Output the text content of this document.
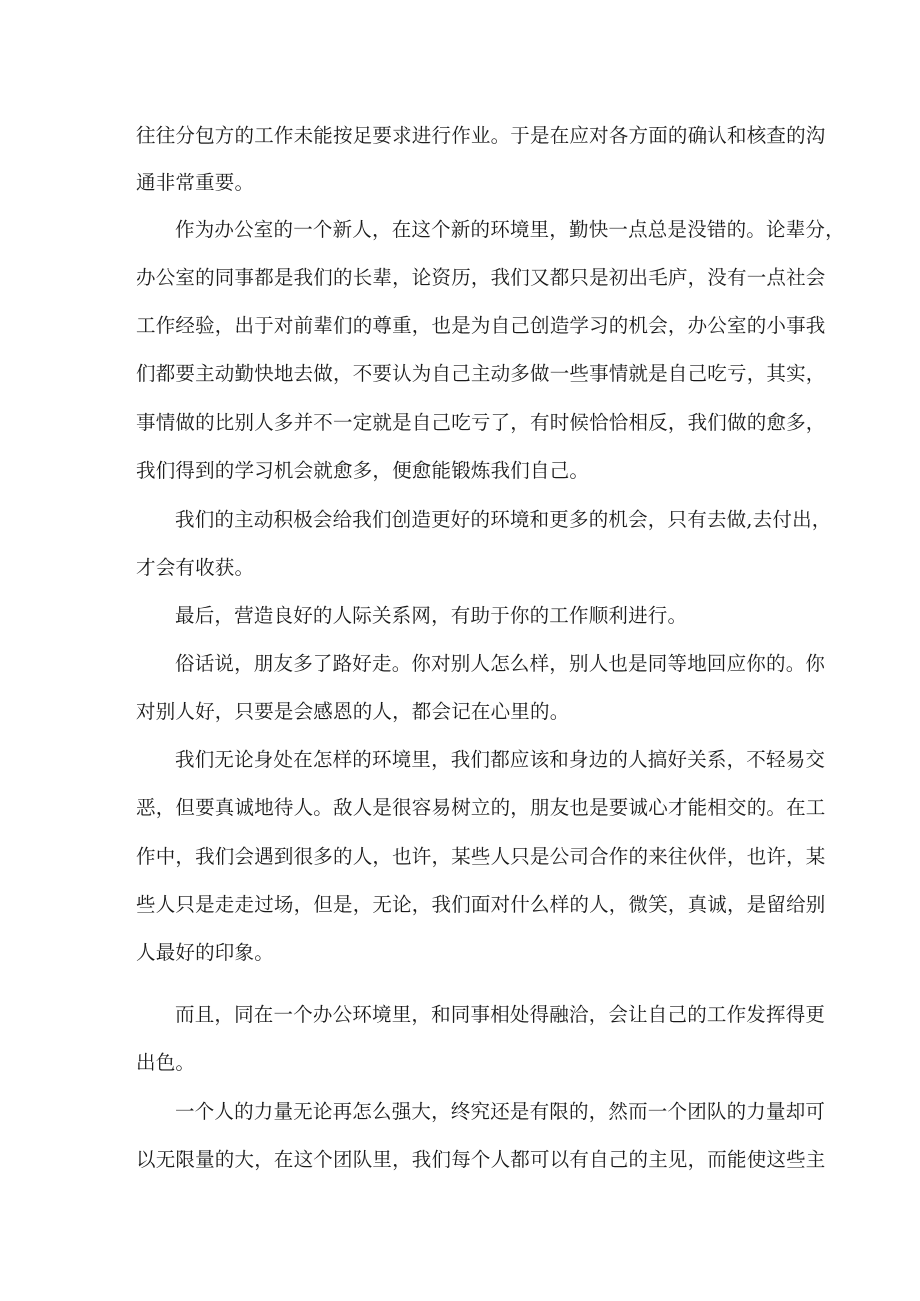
往往分包方的工作未能按足要求进行作业。于是在应对各方面的确认和核查的沟
通非常重要。
作为办公室的一个新人，在这个新的环境里，勤快一点总是没错的。论辈分，
办公室的同事都是我们的长辈，论资历，我们又都只是初出毛庐，没有一点社会
工作经验，出于对前辈们的尊重，也是为自己创造学习的机会，办公室的小事我
们都要主动勤快地去做，不要认为自己主动多做一些事情就是自己吃亏，其实，
事情做的比别人多并不一定就是自己吃亏了，有时候恰恰相反，我们做的愈多，
我们得到的学习机会就愈多，便愈能锻炼我们自己。
我们的主动积极会给我们创造更好的环境和更多的机会，只有去做,去付出，
才会有收获。
最后，营造良好的人际关系网，有助于你的工作顺利进行。
俗话说，朋友多了路好走。你对别人怎么样，别人也是同等地回应你的。你
对别人好，只要是会感恩的人，都会记在心里的。
我们无论身处在怎样的环境里，我们都应该和身边的人搞好关系，不轻易交
恶，但要真诚地待人。敌人是很容易树立的，朋友也是要诚心才能相交的。在工
作中，我们会遇到很多的人，也许，某些人只是公司合作的来往伙伴，也许，某
些人只是走走过场，但是，无论，我们面对什么样的人，微笑，真诚，是留给别
人最好的印象。
而且，同在一个办公环境里，和同事相处得融洽，会让自己的工作发挥得更
出色。
一个人的力量无论再怎么强大，终究还是有限的，然而一个团队的力量却可
以无限量的大，在这个团队里，我们每个人都可以有自己的主见，而能使这些主
